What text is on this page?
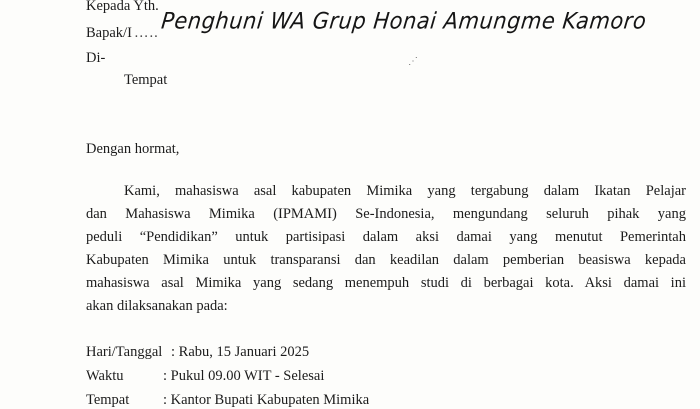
Kepada Yth.
Bapak/I ….. Penghuni WA Grup Honai Amungme Kamoro
Di-	⋰
Tempat
Dengan hormat,
Kami, mahasiswa asal kabupaten Mimika yang tergabung dalam Ikatan Pelajar
dan Mahasiswa Mimika (IPMAMI) Se-Indonesia, mengundang seluruh pihak yang
peduli “Pendidikan” untuk partisipasi dalam aksi damai yang menutut Pemerintah
Kabupaten Mimika untuk transparansi dan keadilan dalam pemberian beasiswa kepada
mahasiswa asal Mimika yang sedang menempuh studi di berbagai kota. Aksi damai ini
akan dilaksanakan pada:
Hari/Tanggal : Rabu, 15 Januari 2025
Waktu	: Pukul 09.00 WIT - Selesai
Tempat : Kantor Bupati Kabupaten Mimika
